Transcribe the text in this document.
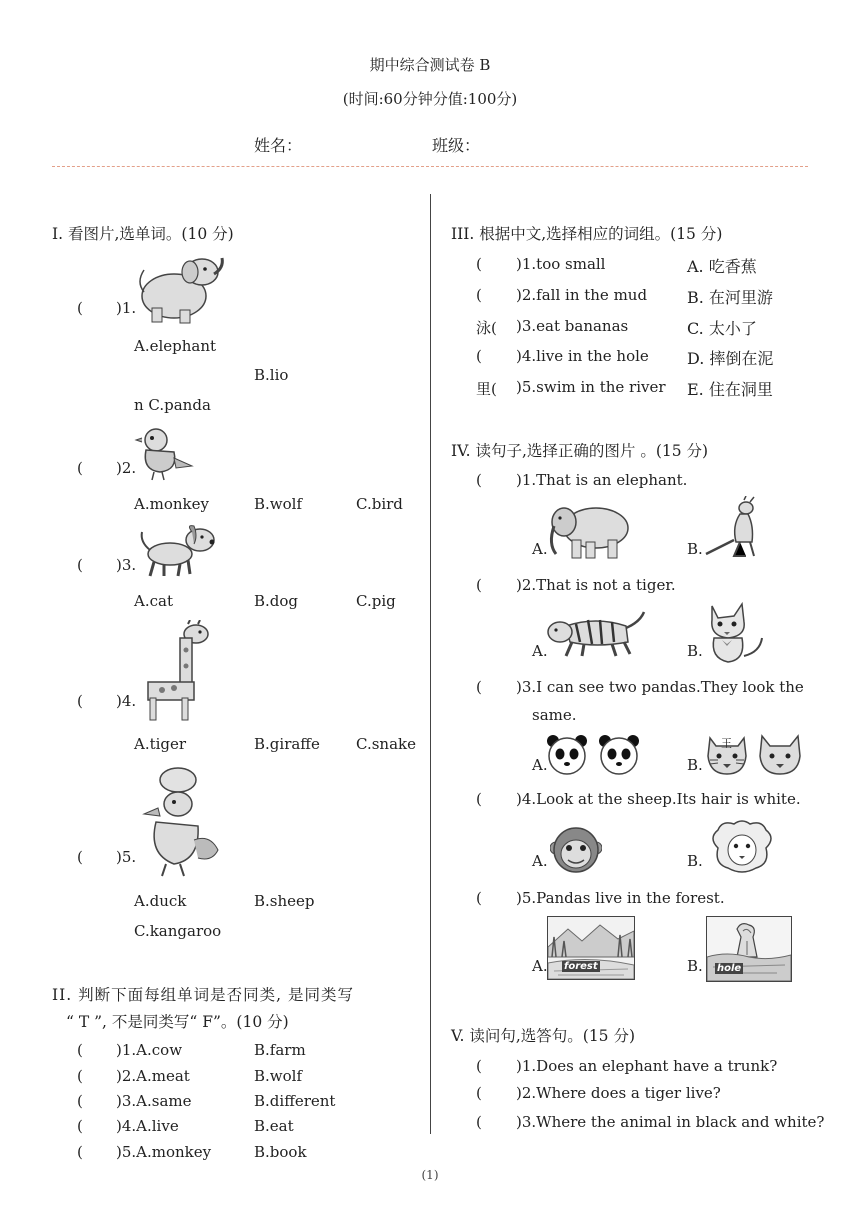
期中综合测试卷 B
(时间:60分钟分值:100分)
姓名：	班级：
I. 看图片,选单词。(10 分)
( )1.
A.elephant
B.lio
n C.panda
( )2.
A.monkey	B.wolf	C.bird
( )3.
A.cat	B.dog	C.pig
( )4.
A.tiger	B.giraffe C.snake
( )5.
A.duck	B.sheep
C.kangaroo
II. 判断下面每组单词是否同类, 是同类写
“ T ”, 不是同类写“ F”。(10 分)
( )1.A.cow	B.farm
( )2.A.meat	B.wolf
( )3.A.same	B.different
( )4.A.live	B.eat
( )5.A.monkey	B.book
III. 根据中文,选择相应的词组。(15 分)
( )1.too small	A. 吃香蕉
( )2.fall in the mud B. 在河里游
泳( )3.eat bananas	C. 太小了
( )4.live in the hole D. 摔倒在泥
里( )5.swim in the river E. 住在洞里
IV. 读句子,选择正确的图片 。(15 分)
( )1.That is an elephant.
A.	B.
( )2.That is not a tiger.
A.	B.
( )3.I can see two pandas.They look the
same.
A.	B.
王
( )4.Look at the sheep.Its hair is white.
A.	B.
( )5.Pandas live in the forest.
A. forest	B. hole
V. 读问句,选答句。(15 分)
( )1.Does an elephant have a trunk?
( )2.Where does a tiger live?
( )3.Where the animal in black and white?
(1)
